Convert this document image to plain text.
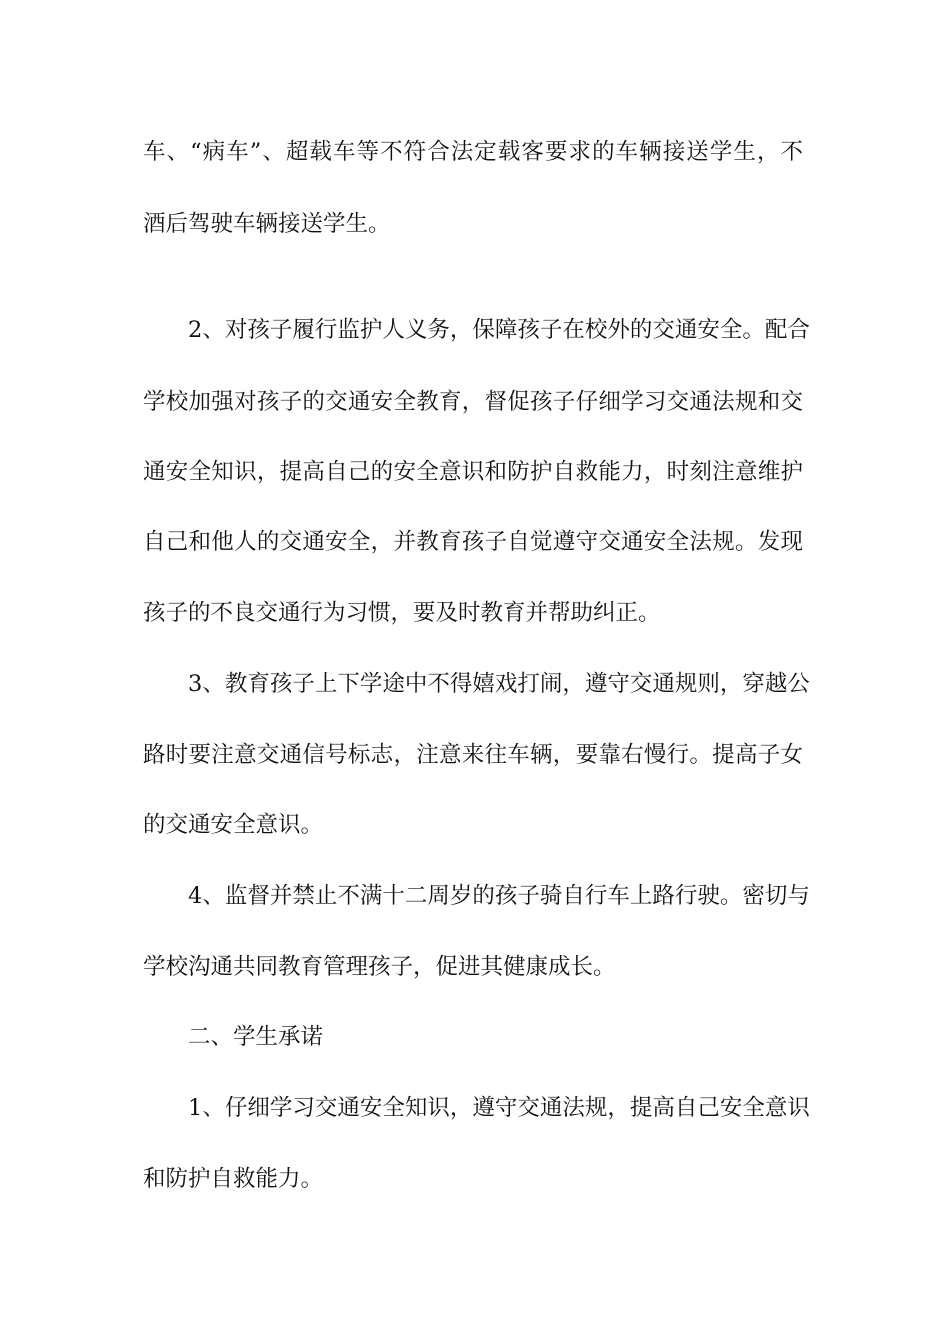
车、“病车”、超载车等不符合法定载客要求的车辆接送学生，不
酒后驾驶车辆接送学生。
2、对孩子履行监护人义务，保障孩子在校外的交通安全。配合
学校加强对孩子的交通安全教育，督促孩子仔细学习交通法规和交
通安全知识，提高自己的安全意识和防护自救能力，时刻注意维护
自己和他人的交通安全，并教育孩子自觉遵守交通安全法规。发现
孩子的不良交通行为习惯，要及时教育并帮助纠正。
3、教育孩子上下学途中不得嬉戏打闹，遵守交通规则，穿越公
路时要注意交通信号标志，注意来往车辆，要靠右慢行。提高子女
的交通安全意识。
4、监督并禁止不满十二周岁的孩子骑自行车上路行驶。密切与
学校沟通共同教育管理孩子，促进其健康成长。
二、学生承诺
1、仔细学习交通安全知识，遵守交通法规，提高自己安全意识
和防护自救能力。
